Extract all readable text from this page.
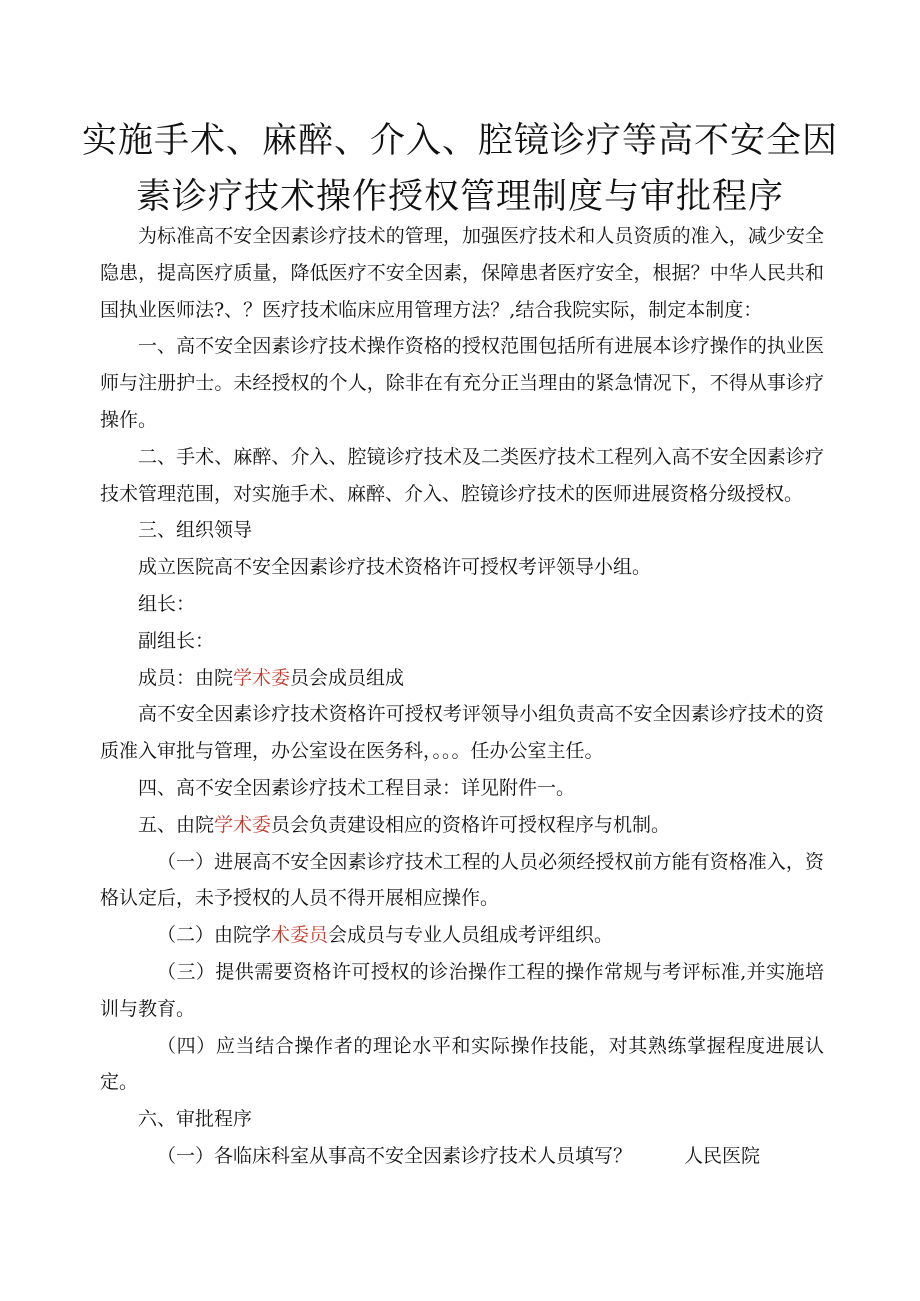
实施手术、麻醉、介入、腔镜诊疗等高不安全因
素诊疗技术操作授权管理制度与审批程序

为标准高不安全因素诊疗技术的管理，加强医疗技术和人员资质的准入，减少安全隐患，提高医疗质量，降低医疗不安全因素，保障患者医疗安全，根据？中华人民共和国执业医师法?、？医疗技术临床应用管理方法？,结合我院实际，制定本制度：

一、高不安全因素诊疗技术操作资格的授权范围包括所有进展本诊疗操作的执业医师与注册护士。未经授权的个人，除非在有充分正当理由的紧急情况下，不得从事诊疗操作。

二、手术、麻醉、介入、腔镜诊疗技术及二类医疗技术工程列入高不安全因素诊疗技术管理范围，对实施手术、麻醉、介入、腔镜诊疗技术的医师进展资格分级授权。

三、组织领导

成立医院高不安全因素诊疗技术资格许可授权考评领导小组。

组长：

副组长：

成员：由院学术委员会成员组成

高不安全因素诊疗技术资格许可授权考评领导小组负责高不安全因素诊疗技术的资质准入审批与管理，办公室设在医务科，。。。任办公室主任。

四、高不安全因素诊疗技术工程目录：详见附件一。

五、由院学术委员会负责建设相应的资格许可授权程序与机制。

（一）进展高不安全因素诊疗技术工程的人员必须经授权前方能有资格准入，资格认定后，未予授权的人员不得开展相应操作。

（二）由院学术委员会成员与专业人员组成考评组织。

（三）提供需要资格许可授权的诊治操作工程的操作常规与考评标准,并实施培训与教育。

（四）应当结合操作者的理论水平和实际操作技能，对其熟练掌握程度进展认定。

六、审批程序

（一）各临床科室从事高不安全因素诊疗技术人员填写？	人民医院
